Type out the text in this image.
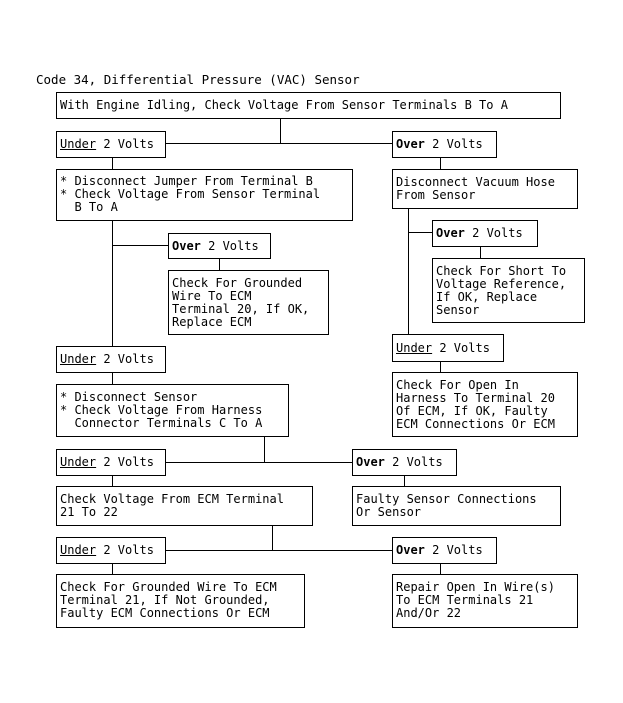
Code 34, Differential Pressure (VAC) Sensor
With Engine Idling, Check Voltage From Sensor Terminals B To A
Under 2 Volts	Over 2 Volts
* Disconnect Jumper From Terminal B
* Check Voltage From Sensor Terminal
B To A
Disconnect Vacuum Hose
From Sensor
Over 2 Volts
Check For Grounded
Wire To ECM
Terminal 20, If OK,
Replace ECM
Over 2 Volts
Check For Short To
Voltage Reference,
If OK, Replace
Sensor
Under 2 Volts
Under 2 Volts
* Disconnect Sensor
* Check Voltage From Harness
Connector Terminals C To A
Check For Open In
Harness To Terminal 20
Of ECM, If OK, Faulty
ECM Connections Or ECM
Under 2 Volts	Over 2 Volts
Check Voltage From ECM Terminal
21 To 22
Faulty Sensor Connections
Or Sensor
Under 2 Volts	Over 2 Volts
Check For Grounded Wire To ECM
Terminal 21, If Not Grounded,
Faulty ECM Connections Or ECM
Repair Open In Wire(s)
To ECM Terminals 21
And/Or 22
